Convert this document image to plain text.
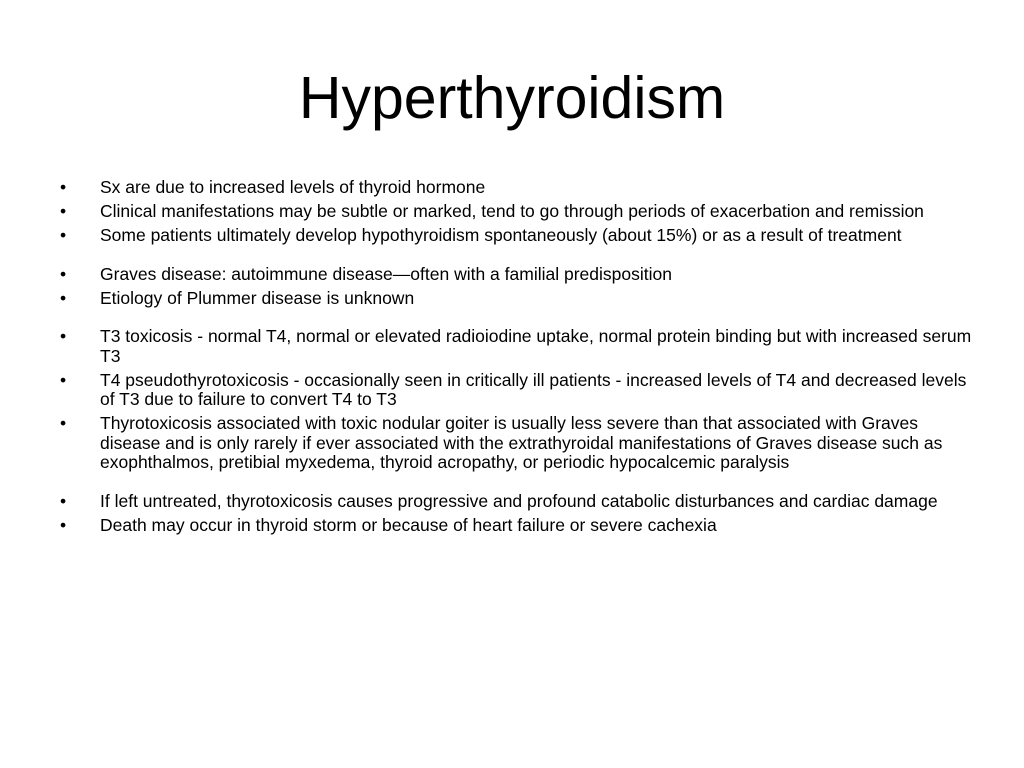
Hyperthyroidism
•	Sx are due to increased levels of thyroid hormone
•	Clinical manifestations may be subtle or marked, tend to go through periods of exacerbation and remission
•	Some patients ultimately develop hypothyroidism spontaneously (about 15%) or as a result of treatment
•	Graves disease: autoimmune disease—often with a familial predisposition
•	Etiology of Plummer disease is unknown
•	T3 toxicosis - normal T4, normal or elevated radioiodine uptake, normal protein binding but with increased serum T3
•	T4 pseudothyrotoxicosis - occasionally seen in critically ill patients - increased levels of T4 and decreased levels of T3 due to failure to convert T4 to T3
•	Thyrotoxicosis associated with toxic nodular goiter is usually less severe than that associated with Graves disease and is only rarely if ever associated with the extrathyroidal manifestations of Graves disease such as exophthalmos, pretibial myxedema, thyroid acropathy, or periodic hypocalcemic paralysis
•	If left untreated, thyrotoxicosis causes progressive and profound catabolic disturbances and cardiac damage
•	Death may occur in thyroid storm or because of heart failure or severe cachexia
